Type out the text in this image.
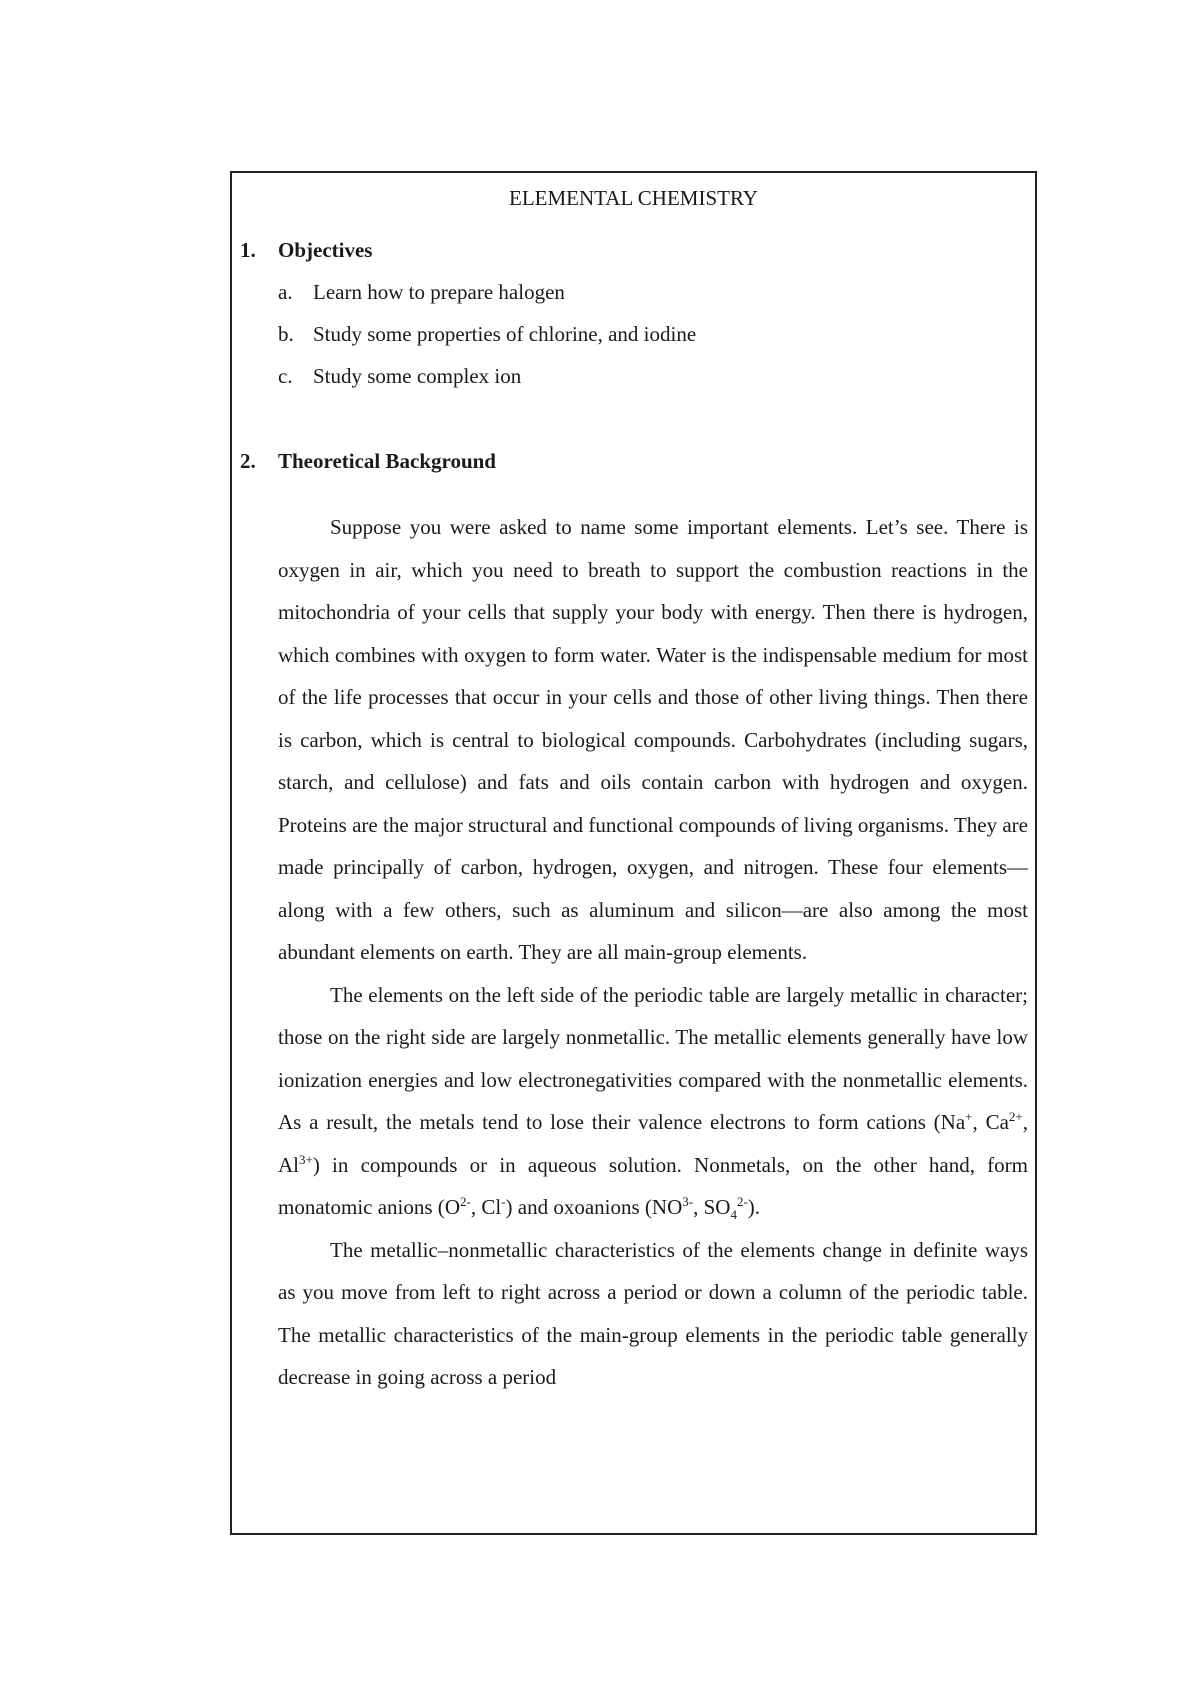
ELEMENTAL CHEMISTRY
1. Objectives

a. Learn how to prepare halogen

b. Study some properties of chlorine, and iodine

c. Study some complex ion

2. Theoretical Background

Suppose you were asked to name some important elements. Let’s see. There is oxygen in air, which you need to breath to support the combustion reactions in the mitochondria of your cells that supply your body with energy. Then there is hydrogen, which combines with oxygen to form water. Water is the indispensable medium for most of the life processes that occur in your cells and those of other living things. Then there is carbon, which is central to biological compounds. Carbohydrates (including sugars, starch, and cellulose) and fats and oils contain carbon with hydrogen and oxygen. Proteins are the major structural and functional compounds of living organisms. They are made principally of carbon, hydrogen, oxygen, and nitrogen. These four elements— along with a few others, such as aluminum and silicon—are also among the most abundant elements on earth. They are all main-group elements.

The elements on the left side of the periodic table are largely metallic in character; those on the right side are largely nonmetallic. The metallic elements generally have low ionization energies and low electronegativities compared with the nonmetallic elements. As a result, the metals tend to lose their valence electrons to form cations (Na+, $Ca^{2+}$, $Al^{3+}$) in compounds or in aqueous solution. Nonmetals, on the other hand, form monatomic anions ($O^{2-}$, Cl-) and oxoanions ($NO^{3-}$, $SO_4^{2-}$).

The metallic–nonmetallic characteristics of the elements change in definite ways as you move from left to right across a period or down a column of the periodic table. The metallic characteristics of the main-group elements in the periodic table generally decrease in going across a period
